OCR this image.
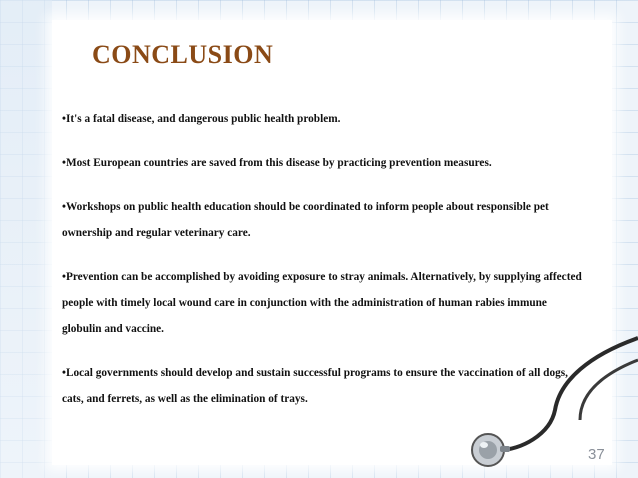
CONCLUSION
•It's a fatal disease, and dangerous public health problem.
•Most European countries are saved from this disease by practicing prevention measures.
•Workshops on public health education should be coordinated to inform people about responsible pet ownership and regular veterinary care.
•Prevention can be accomplished by avoiding exposure to stray animals. Alternatively, by supplying affected people with timely local wound care in conjunction with the administration of human rabies immune globulin and vaccine.
•Local governments should develop and sustain successful programs to ensure the vaccination of all dogs, cats, and ferrets, as well as the elimination of trays.
37
